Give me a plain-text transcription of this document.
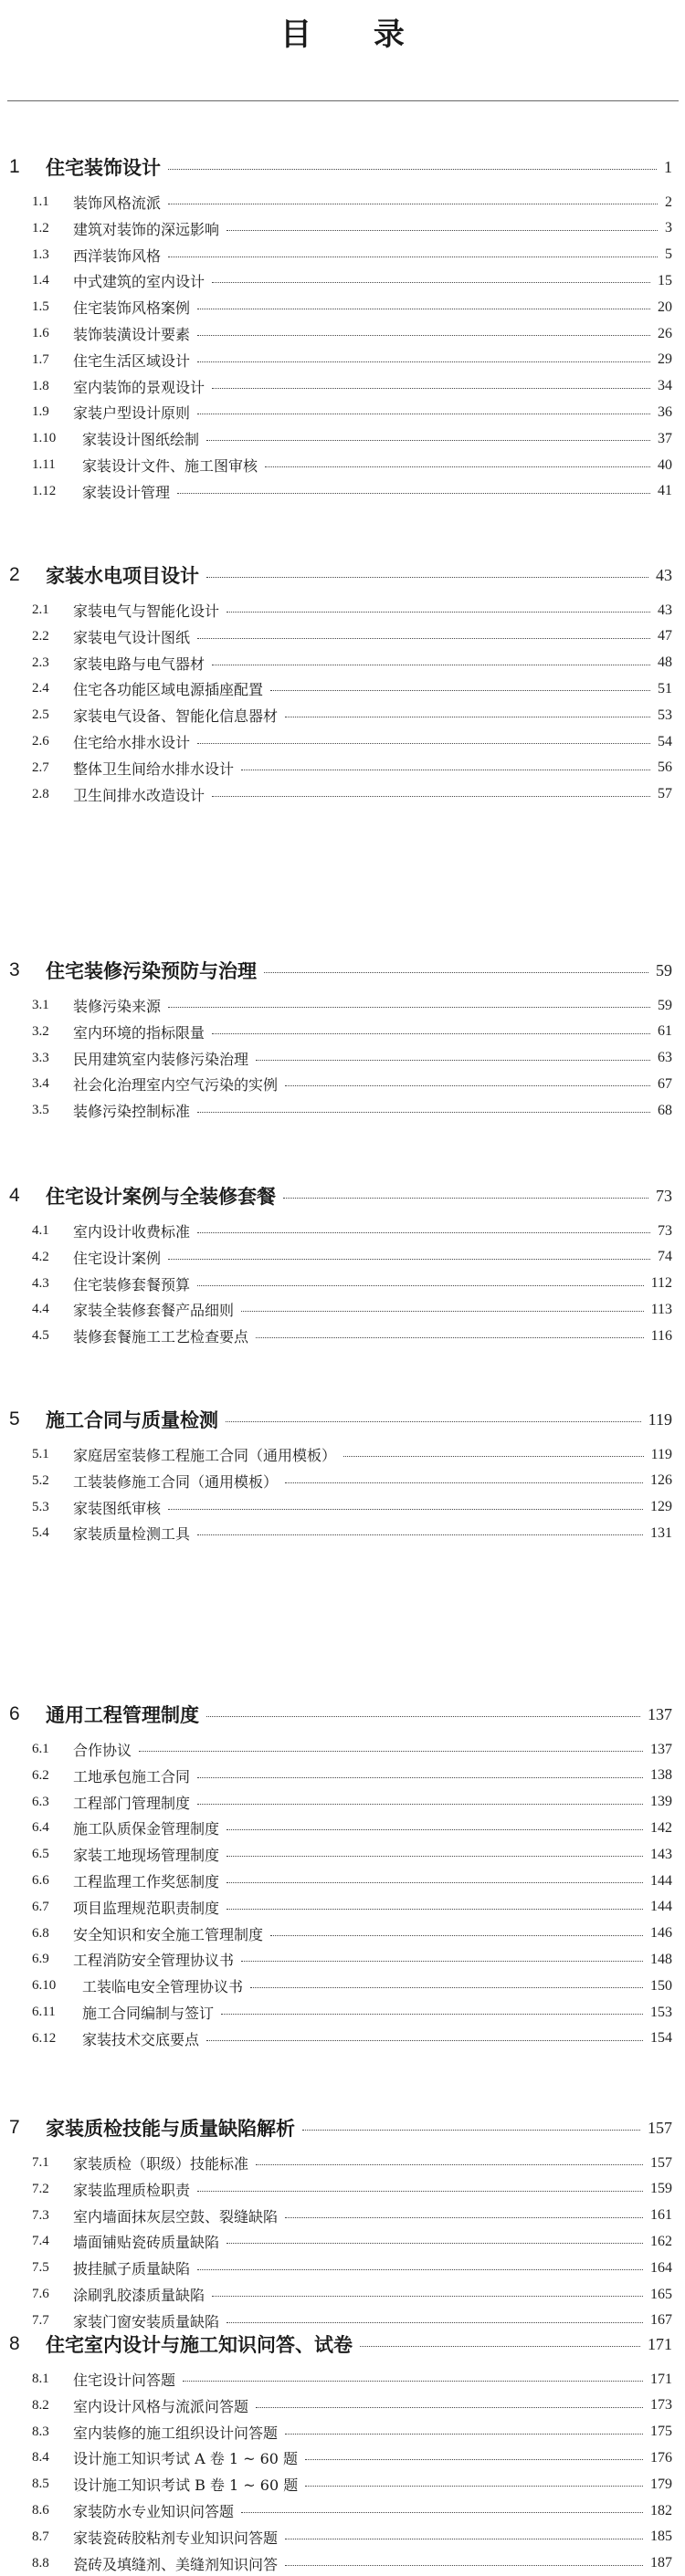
目 录
1	住宅装饰设计	1
1.1	装饰风格流派	2
1.2	建筑对装饰的深远影响	3
1.3	西洋装饰风格	5
1.4	中式建筑的室内设计	15
1.5	住宅装饰风格案例	20
1.6	装饰装潢设计要素	26
1.7	住宅生活区域设计	29
1.8	室内装饰的景观设计	34
1.9	家装户型设计原则	36
1.10	家装设计图纸绘制	37
1.11	家装设计文件、施工图审核	40
1.12	家装设计管理	41
2	家装水电项目设计	43
2.1	家装电气与智能化设计	43
2.2	家装电气设计图纸	47
2.3	家装电路与电气器材	48
2.4	住宅各功能区域电源插座配置	51
2.5	家装电气设备、智能化信息器材	53
2.6	住宅给水排水设计	54
2.7	整体卫生间给水排水设计	56
2.8	卫生间排水改造设计	57
3	住宅装修污染预防与治理	59
3.1	装修污染来源	59
3.2	室内环境的指标限量	61
3.3	民用建筑室内装修污染治理	63
3.4	社会化治理室内空气污染的实例	67
3.5	装修污染控制标准	68
4	住宅设计案例与全装修套餐	73
4.1	室内设计收费标准	73
4.2	住宅设计案例	74
4.3	住宅装修套餐预算	112
4.4	家装全装修套餐产品细则	113
4.5	装修套餐施工工艺检查要点	116
5	施工合同与质量检测	119
5.1	家庭居室装修工程施工合同（通用模板）	119
5.2	工装装修施工合同（通用模板）	126
5.3	家装图纸审核	129
5.4	家装质量检测工具	131
6	通用工程管理制度	137
6.1	合作协议	137
6.2	工地承包施工合同	138
6.3	工程部门管理制度	139
6.4	施工队质保金管理制度	142
6.5	家装工地现场管理制度	143
6.6	工程监理工作奖惩制度	144
6.7	项目监理规范职责制度	144
6.8	安全知识和安全施工管理制度	146
6.9	工程消防安全管理协议书	148
6.10	工装临电安全管理协议书	150
6.11	施工合同编制与签订	153
6.12	家装技术交底要点	154
7	家装质检技能与质量缺陷解析	157
7.1	家装质检（职级）技能标准	157
7.2	家装监理质检职责	159
7.3	室内墙面抹灰层空鼓、裂缝缺陷	161
7.4	墙面铺贴瓷砖质量缺陷	162
7.5	披挂腻子质量缺陷	164
7.6	涂刷乳胶漆质量缺陷	165
7.7	家装门窗安装质量缺陷	167
8	住宅室内设计与施工知识问答、试卷	171
8.1	住宅设计问答题	171
8.2	室内设计风格与流派问答题	173
8.3	室内装修的施工组织设计问答题	175
8.4	设计施工知识考试 A 卷 1 ~ 60 题	176
8.5	设计施工知识考试 B 卷 1 ~ 60 题	179
8.6	家装防水专业知识问答题	182
8.7	家装瓷砖胶粘剂专业知识问答题	185
8.8	瓷砖及填缝剂、美缝剂知识问答	187
